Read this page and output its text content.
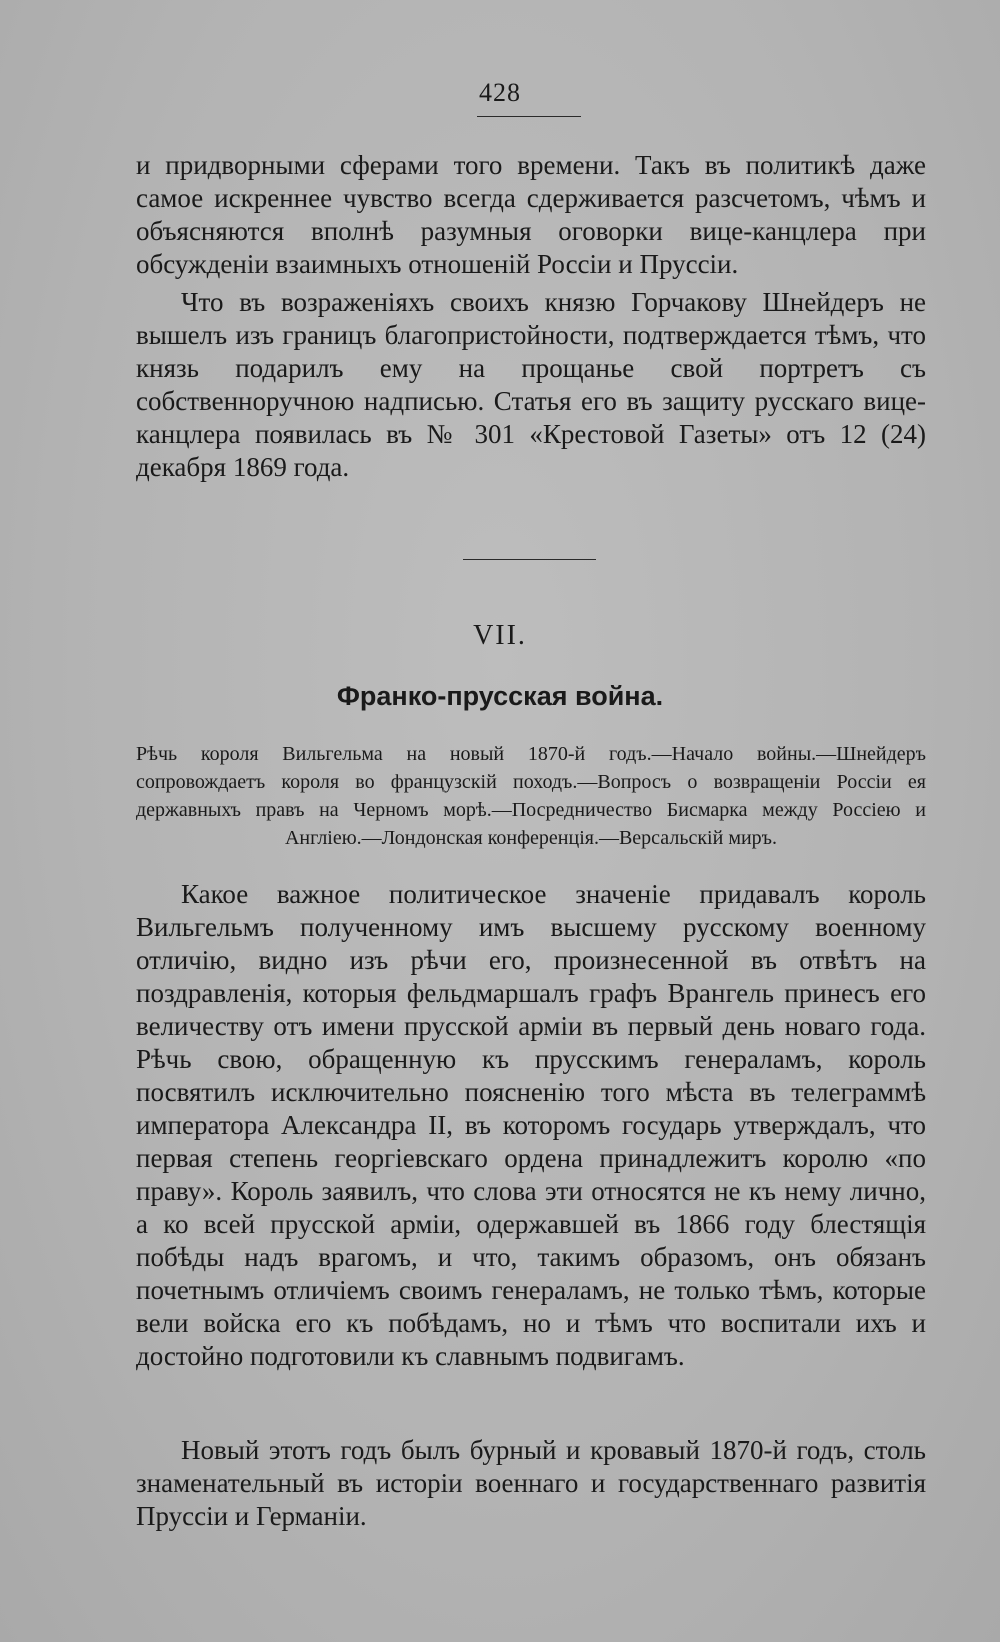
428

и придворными сферами того времени. Такъ въ политикѣ даже самое искреннее чувство всегда сдерживается разсчетомъ, чѣмъ и объясняются вполнѣ разумныя оговорки вице-канцлера при обсужденіи взаимныхъ отношеній Россіи и Пруссіи.

Что въ возраженіяхъ своихъ князю Горчакову Шнейдеръ не вышелъ изъ границъ благопристойности, подтверждается тѣмъ, что князь подарилъ ему на прощанье свой портретъ съ собственноручною надписью. Статья его въ защиту русскаго вице-канцлера появилась въ № 301 «Крестовой Газеты» отъ 12 (24) декабря 1869 года.

VII.
Франко-прусская война.
Рѣчь короля Вильгельма на новый 1870-й годъ.—Начало войны.—Шнейдеръ сопровождаетъ короля во французскій походъ.—Вопросъ о возвращеніи Россіи ея державныхъ правъ на Черномъ морѣ.—Посредничество Бисмарка между Россіею и Англіею.—Лондонская конференція.—Версальскій миръ.

Какое важное политическое значеніе придавалъ король Вильгельмъ полученному имъ высшему русскому военному отличію, видно изъ рѣчи его, произнесенной въ отвѣтъ на поздравленія, которыя фельдмаршалъ графъ Врангель принесъ его величеству отъ имени прусской арміи въ первый день новаго года. Рѣчь свою, обращенную къ прусскимъ генераламъ, король посвятилъ исключительно поясненію того мѣста въ телеграммѣ императора Александра II, въ которомъ государь утверждалъ, что первая степень георгіевскаго ордена принадлежитъ королю «по праву». Король заявилъ, что слова эти относятся не къ нему лично, а ко всей прусской арміи, одержавшей въ 1866 году блестящія побѣды надъ врагомъ, и что, такимъ образомъ, онъ обязанъ почетнымъ отличіемъ своимъ генераламъ, не только тѣмъ, которые вели войска его къ побѣдамъ, но и тѣмъ что воспитали ихъ и достойно подготовили къ славнымъ подвигамъ.

Новый этотъ годъ былъ бурный и кровавый 1870-й годъ, столь знаменательный въ исторіи военнаго и государственнаго развитія Пруссіи и Германіи.
